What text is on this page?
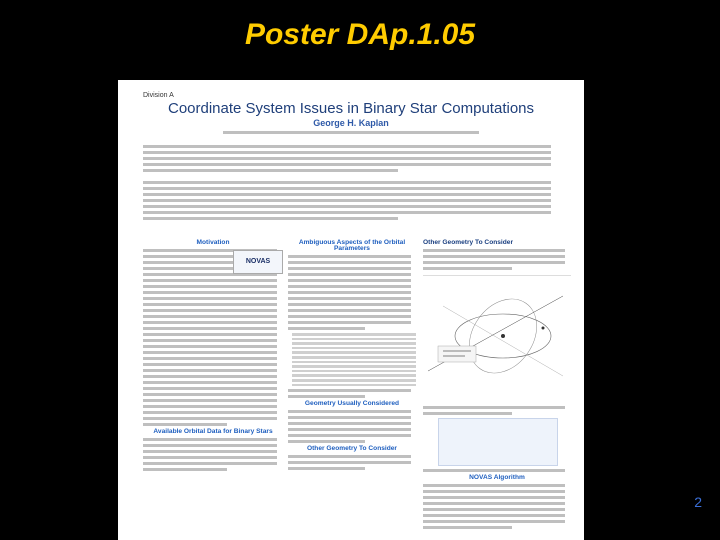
Poster DAp.1.05
Division A
Coordinate System Issues in Binary Star Computations
George H. Kaplan
Motivation
NOVAS
Available Orbital Data for Binary Stars
Ambiguous Aspects of the Orbital Parameters
Geometry Usually Considered
Other Geometry To Consider
Other Geometry To Consider
NOVAS Algorithm
2
